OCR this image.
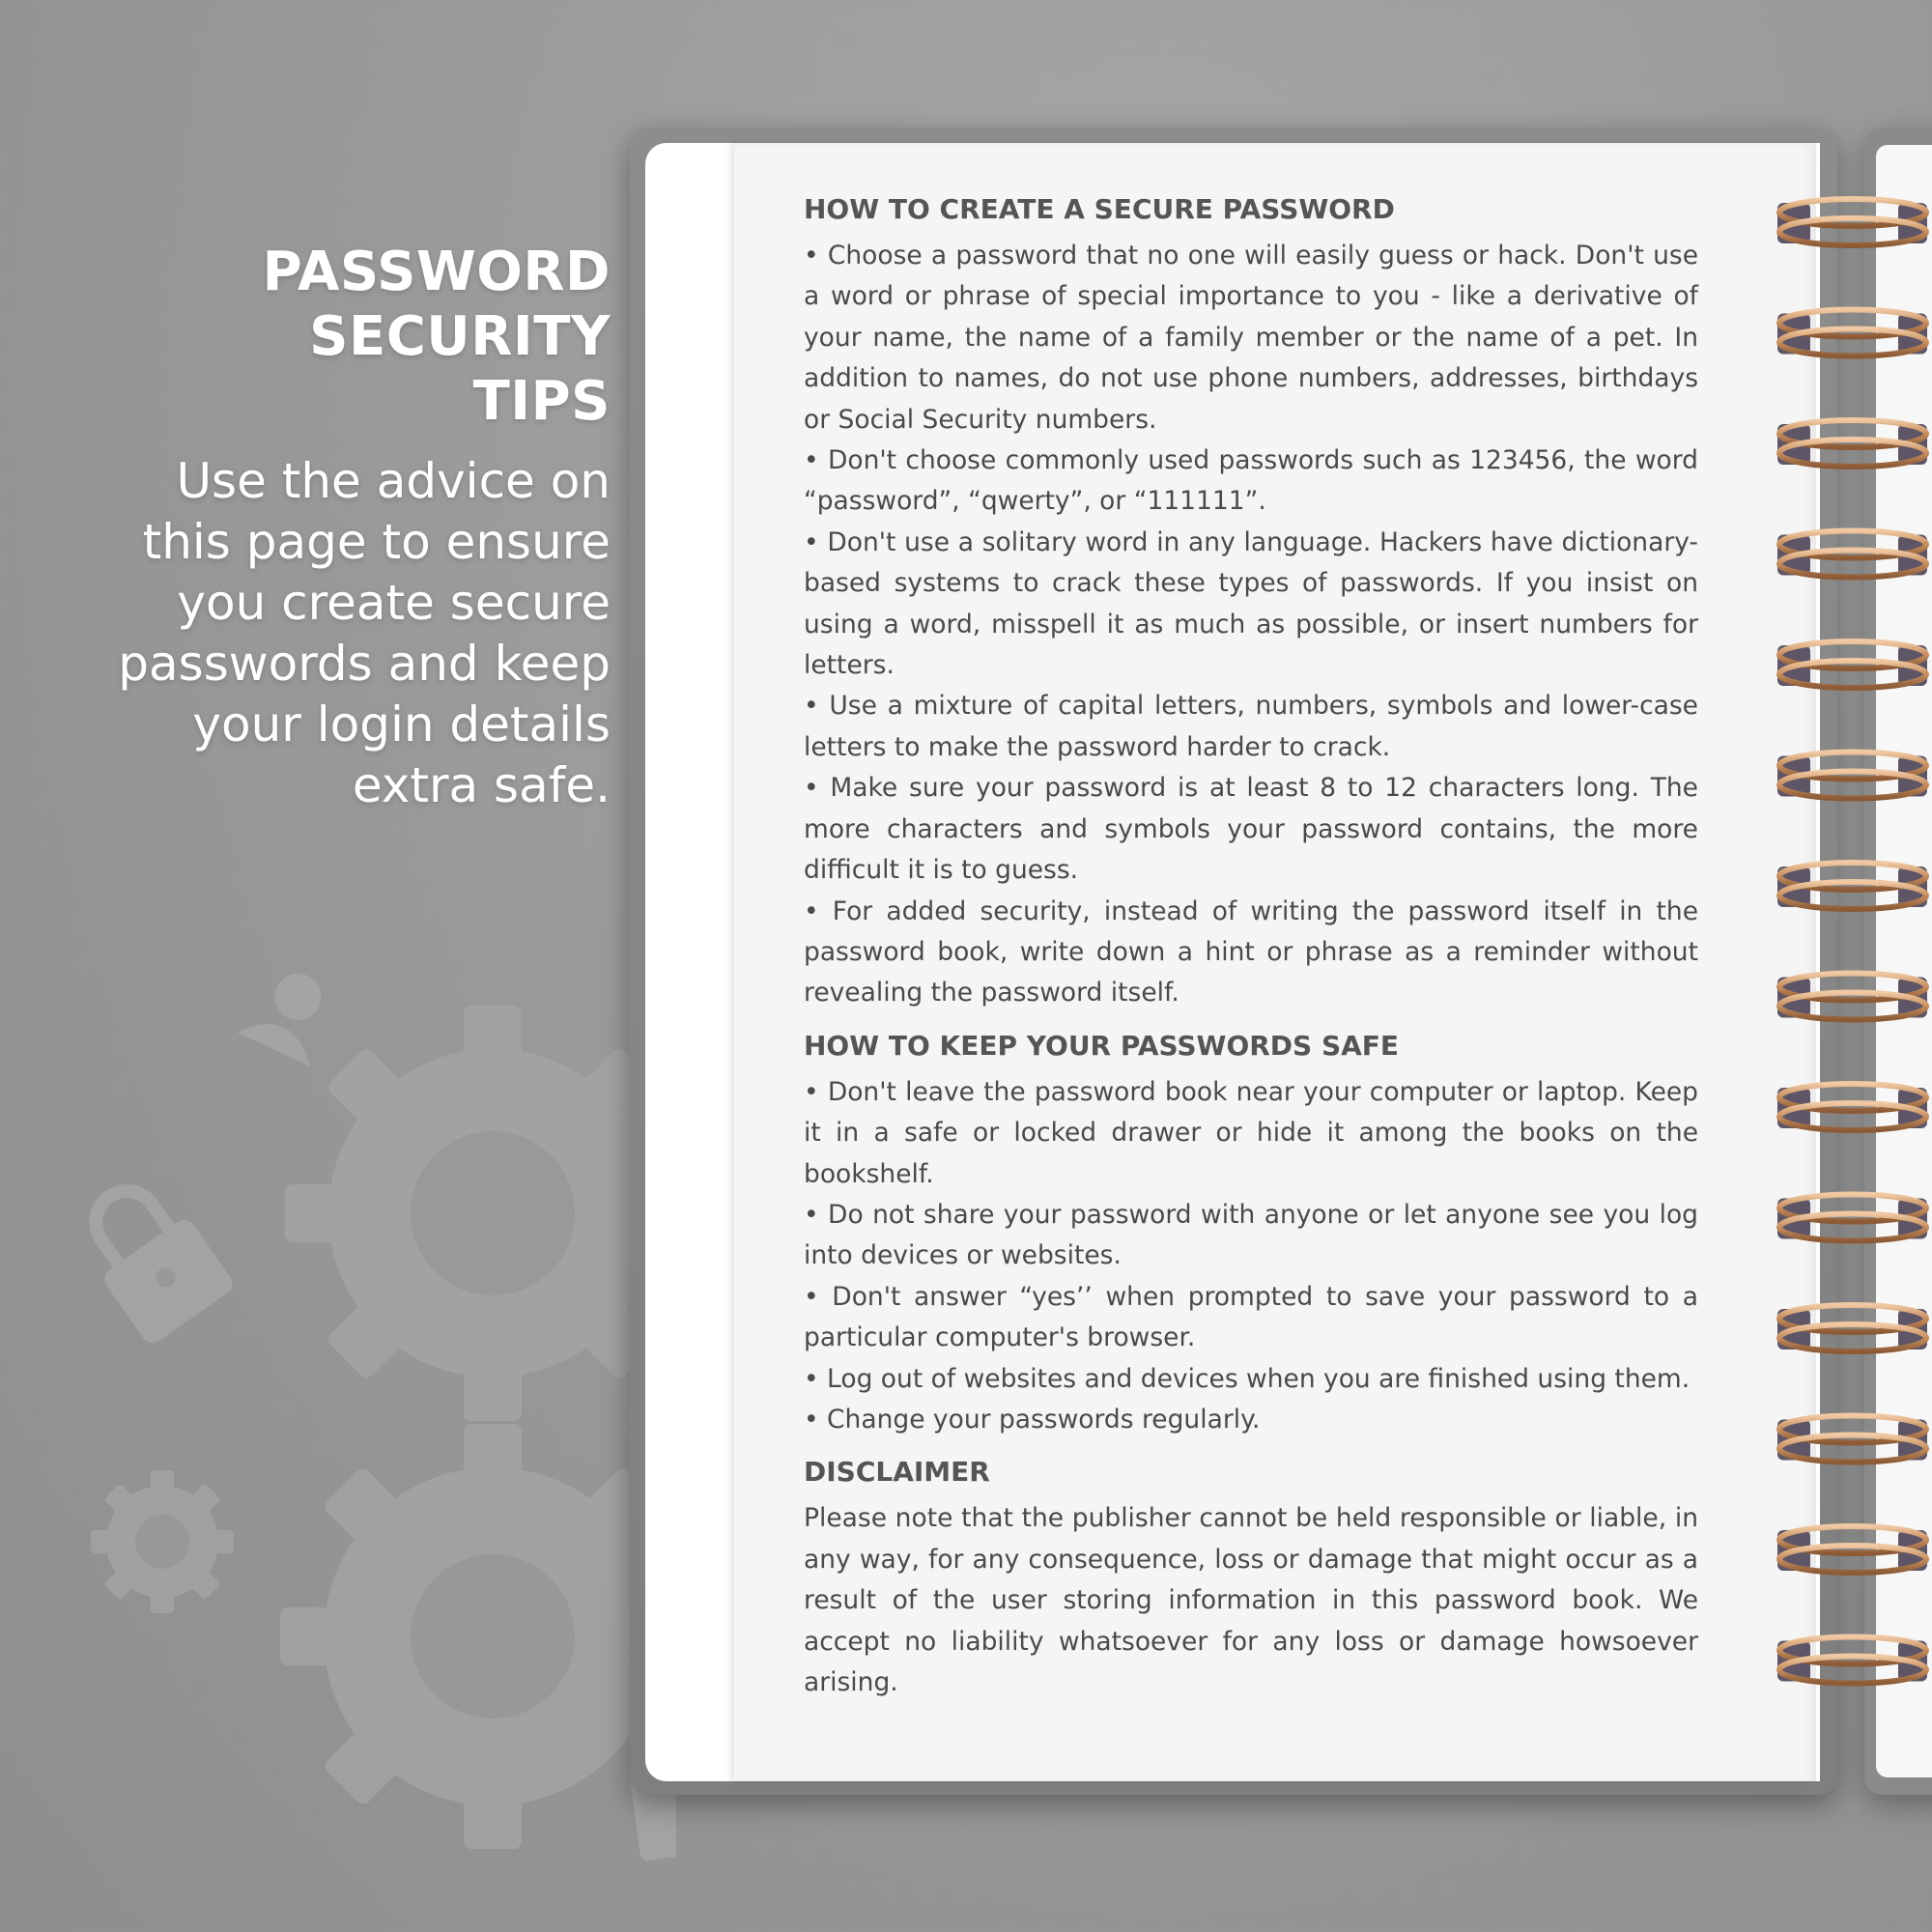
PASSWORD
SECURITY
TIPS
Use the advice on
this page to ensure
you create secure
passwords and keep
your login details
extra safe.
HOW TO CREATE A SECURE PASSWORD

• Choose a password that no one will easily guess or hack. Don't use a word or phrase of special importance to you - like a derivative of your name, the name of a family member or the name of a pet. In addition to names, do not use phone numbers, addresses, birthdays or Social Security numbers.

• Don't choose commonly used passwords such as 123456, the word “password”, “qwerty”, or “111111”.

• Don't use a solitary word in any language. Hackers have dictionary-based systems to crack these types of passwords. If you insist on using a word, misspell it as much as possible, or insert numbers for letters.

• Use a mixture of capital letters, numbers, symbols and lower-case letters to make the password harder to crack.

• Make sure your password is at least 8 to 12 characters long. The more characters and symbols your password contains, the more difficult it is to guess.

• For added security, instead of writing the password itself in the password book, write down a hint or phrase as a reminder without revealing the password itself.

HOW TO KEEP YOUR PASSWORDS SAFE

• Don't leave the password book near your computer or laptop. Keep it in a safe or locked drawer or hide it among the books on the bookshelf.

• Do not share your password with anyone or let anyone see you log into devices or websites.

• Don't answer “yes’’ when prompted to save your password to a particular computer's browser.

• Log out of websites and devices when you are finished using them.

• Change your passwords regularly.

DISCLAIMER

Please note that the publisher cannot be held responsible or liable, in any way, for any consequence, loss or damage that might occur as a result of the user storing information in this password book. We accept no liability whatsoever for any loss or damage howsoever arising.
